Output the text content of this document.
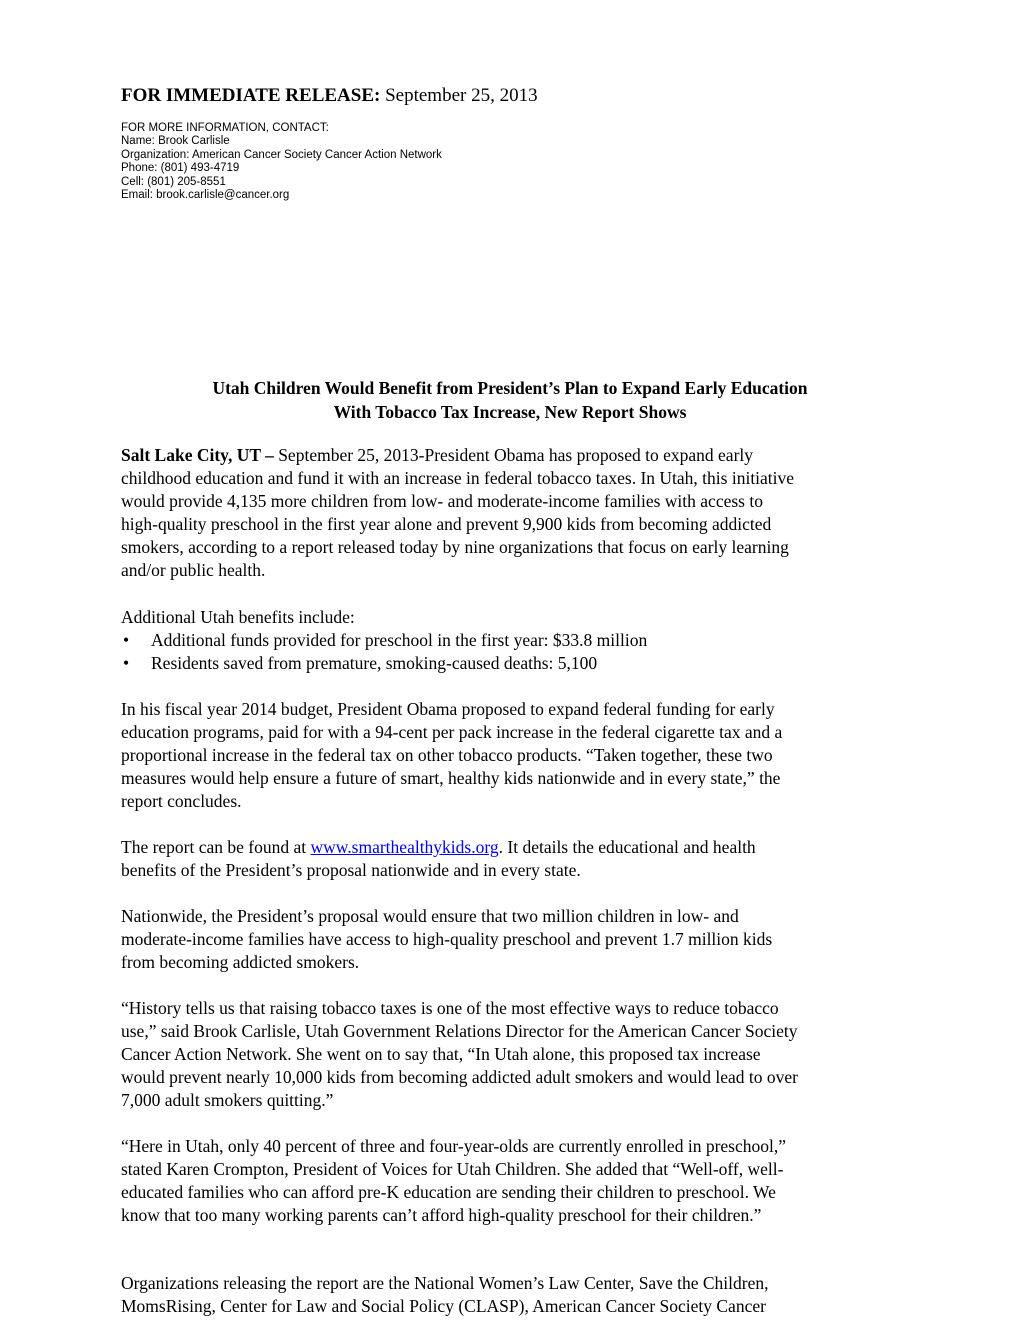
FOR IMMEDIATE RELEASE: September 25, 2013
FOR MORE INFORMATION, CONTACT:
Name: Brook Carlisle
Organization: American Cancer Society Cancer Action Network
Phone: (801) 493-4719
Cell: (801) 205-8551
Email: brook.carlisle@cancer.org
Utah Children Would Benefit from President’s Plan to Expand Early Education
With Tobacco Tax Increase, New Report Shows
Salt Lake City, UT – September 25, 2013-President Obama has proposed to expand early
childhood education and fund it with an increase in federal tobacco taxes. In Utah, this initiative
would provide 4,135 more children from low- and moderate-income families with access to
high-quality preschool in the first year alone and prevent 9,900 kids from becoming addicted
smokers, according to a report released today by nine organizations that focus on early learning
and/or public health.
Additional Utah benefits include:
• Additional funds provided for preschool in the first year: $33.8 million
• Residents saved from premature, smoking-caused deaths: 5,100
In his fiscal year 2014 budget, President Obama proposed to expand federal funding for early
education programs, paid for with a 94-cent per pack increase in the federal cigarette tax and a
proportional increase in the federal tax on other tobacco products. “Taken together, these two
measures would help ensure a future of smart, healthy kids nationwide and in every state,” the
report concludes.
The report can be found at www.smarthealthykids.org. It details the educational and health
benefits of the President’s proposal nationwide and in every state.
Nationwide, the President’s proposal would ensure that two million children in low- and
moderate-income families have access to high-quality preschool and prevent 1.7 million kids
from becoming addicted smokers.
“History tells us that raising tobacco taxes is one of the most effective ways to reduce tobacco
use,” said Brook Carlisle, Utah Government Relations Director for the American Cancer Society
Cancer Action Network. She went on to say that, “In Utah alone, this proposed tax increase
would prevent nearly 10,000 kids from becoming addicted adult smokers and would lead to over
7,000 adult smokers quitting.”
“Here in Utah, only 40 percent of three and four-year-olds are currently enrolled in preschool,”
stated Karen Crompton, President of Voices for Utah Children. She added that “Well-off, well-
educated families who can afford pre-K education are sending their children to preschool. We
know that too many working parents can’t afford high-quality preschool for their children.”
Organizations releasing the report are the National Women’s Law Center, Save the Children,
MomsRising, Center for Law and Social Policy (CLASP), American Cancer Society Cancer
